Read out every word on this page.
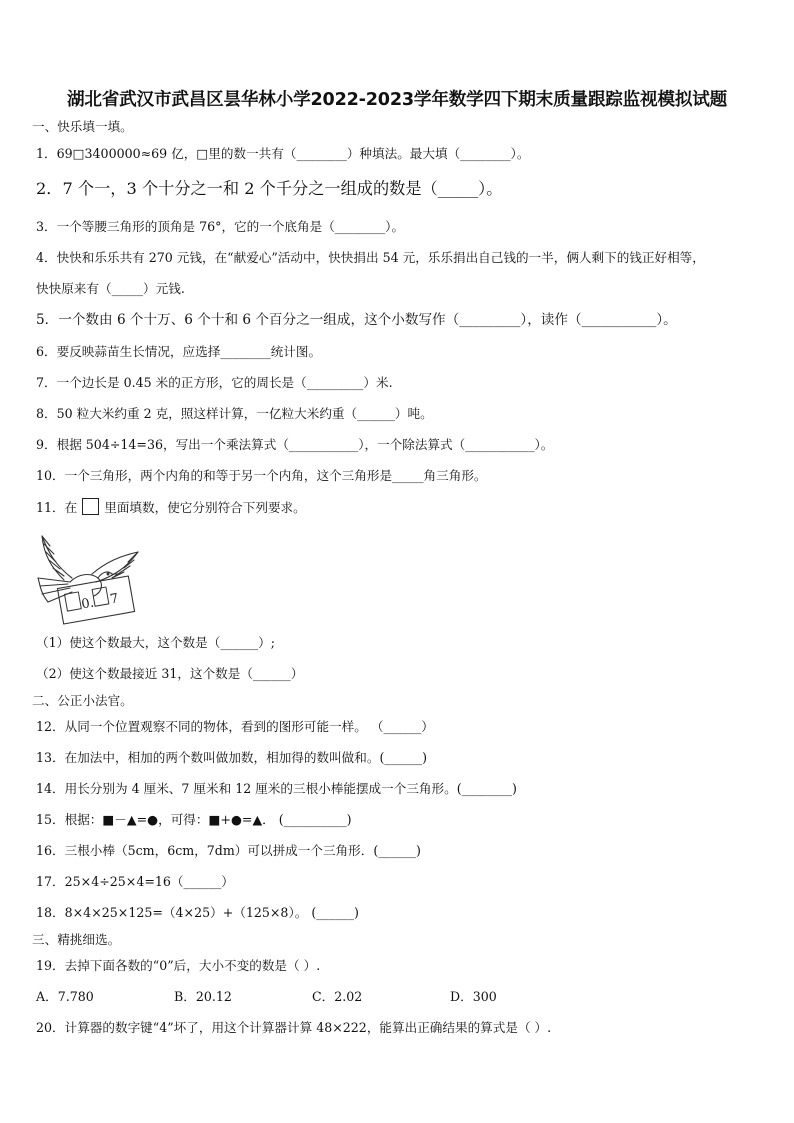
湖北省武汉市武昌区昙华林小学2022-2023学年数学四下期末质量跟踪监视模拟试题
一、快乐填一填。
1．69□3400000≈69 亿，□里的数一共有（________）种填法。最大填（________）。
2．7 个一，3 个十分之一和 2 个千分之一组成的数是（_____）。
3．一个等腰三角形的顶角是 76°，它的一个底角是（________）。
4．快快和乐乐共有 270 元钱，在“献爱心”活动中，快快捐出 54 元，乐乐捐出自己钱的一半，俩人剩下的钱正好相等，
快快原来有（_____）元钱.
5．一个数由 6 个十万、6 个十和 6 个百分之一组成，这个小数写作（_________），读作（___________）。
6．要反映蒜苗生长情况，应选择________统计图。
7．一个边长是 0.45 米的正方形，它的周长是（_________）米.
8．50 粒大米约重 2 克，照这样计算，一亿粒大米约重（______）吨。
9．根据 504÷14=36，写出一个乘法算式（___________），一个除法算式（___________）。
10．一个三角形，两个内角的和等于另一个内角，这个三角形是_____角三角形。
11．在 里面填数，使它分别符合下列要求。
0. 7
（1）使这个数最大，这个数是（______）;
（2）使这个数最接近 31，这个数是（______）
二、公正小法官。
12．从同一个位置观察不同的物体，看到的图形可能一样。 （______）
13．在加法中，相加的两个数叫做加数，相加得的数叫做和。(______)
14．用长分别为 4 厘米、7 厘米和 12 厘米的三根小棒能摆成一个三角形。(________)
15．根据：■－▲=●，可得：■+●=▲． (__________)
16．三根小棒（5cm，6cm，7dm）可以拼成一个三角形．(______)
17．25×4÷25×4=16（______）
18．8×4×25×125=（4×25）+（125×8）。 (______)
三、精挑细选。
19．去掉下面各数的“0”后，大小不变的数是（ ）.
A．7.780	B．20.12	C．2.02	D．300
20．计算器的数字键“4”坏了，用这个计算器计算 48×222，能算出正确结果的算式是（ ）.
